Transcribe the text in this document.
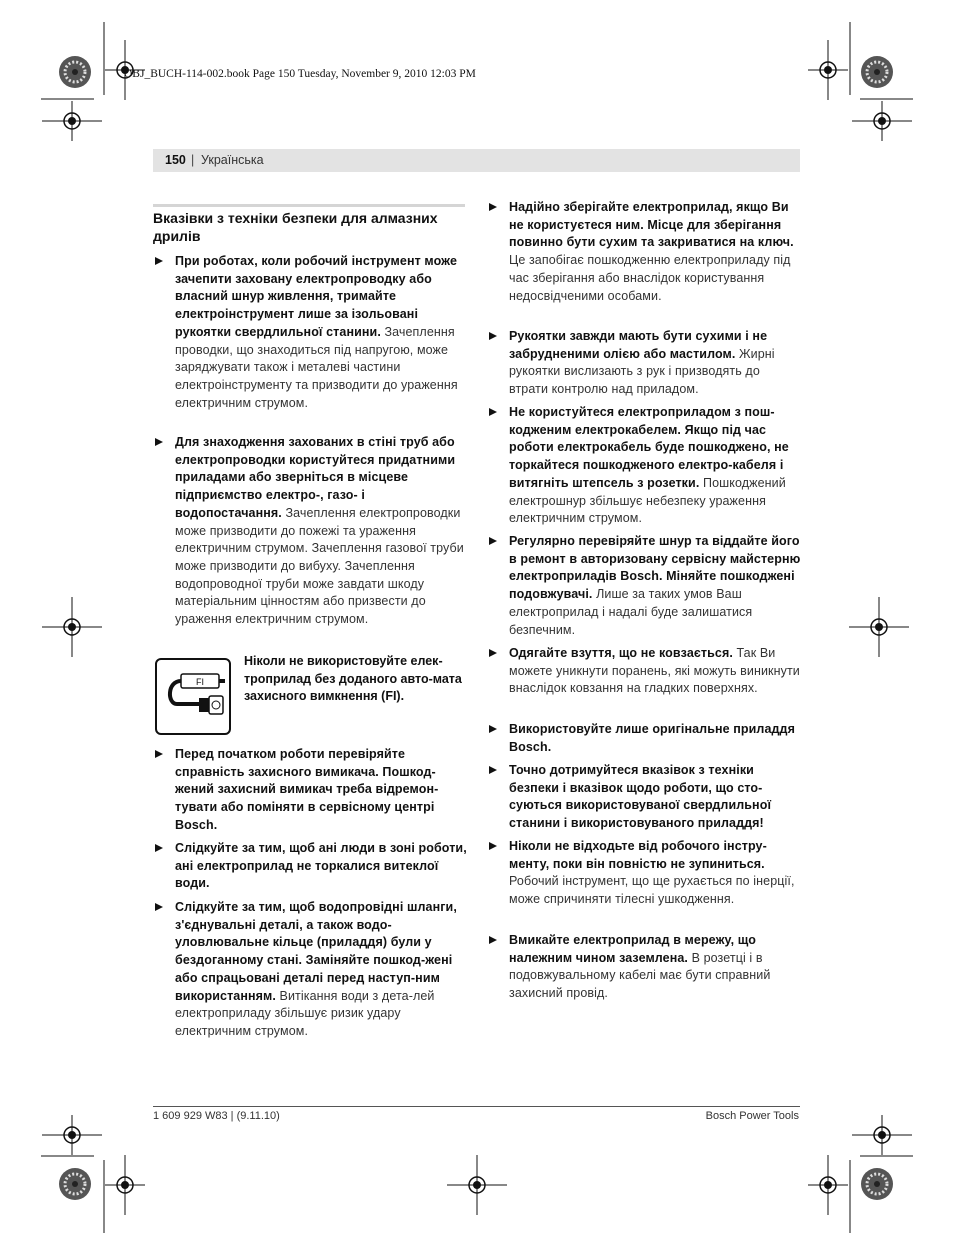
OBJ_BUCH-114-002.book Page 150 Tuesday, November 9, 2010 12:03 PM
150 | Українська
Вказівки з техніки безпеки для алмазних дрилів
При роботах, коли робочий інструмент може зачепити заховану електропроводку або власний шнур живлення, тримайте електроінструмент лише за ізольовані рукоятки свердлильної станини. Зачеплення проводки, що знаходиться під напругою, може заряджувати також і металеві частини електроінструменту та призводити до ураження електричним струмом.
Для знаходження захованих в стіні труб або електропроводки користуйтеся придатними приладами або зверніться в місцеве підприємство електро-, газо- і водопостачання. Зачеплення електропроводки може призводити до пожежі та ураження електричним струмом. Зачеплення газової труби може призводити до вибуху. Зачеплення водопроводної труби може завдати шкоду матеріальним цінностям або призвести до ураження електричним струмом.
FI
Ніколи не використовуйте елек-троприлад без доданого авто-мата захисного вимкнення (FI).
Перед початком роботи перевіряйте справність захисного вимикача. Пошкод-жений захисний вимикач треба відремон-тувати або поміняти в сервісному центрі Bosch.
Слідкуйте за тим, щоб ані люди в зоні роботи, ані електроприлад не торкалися витеклої води.
Слідкуйте за тим, щоб водопровідні шланги, з'єднувальні деталі, а також водо-уловлювальне кільце (приладдя) були у бездоганному стані. Заміняйте пошкод-жені або спрацьовані деталі перед наступ-ним використанням. Витікання води з дета-лей електроприладу збільшує ризик удару електричним струмом.
Надійно зберігайте електроприлад, якщо Ви не користуєтеся ним. Місце для зберігання повинно бути сухим та закриватися на ключ. Це запобігає пошкодженню електроприладу під час зберігання або внаслідок користування недосвідченими особами.
Рукоятки завжди мають бути сухими і не забрудненими олією або мастилом. Жирні рукоятки вислизають з рук і призводять до втрати контролю над приладом.
Не користуйтеся електроприладом з пош-кодженим електрокабелем. Якщо під час роботи електрокабель буде пошкоджено, не торкайтеся пошкодженого електро-кабеля і витягніть штепсель з розетки. Пошкоджений електрошнур збільшує небезпеку ураження електричним струмом.
Регулярно перевіряйте шнур та віддайте його в ремонт в авторизовану сервісну майстерню електроприладів Bosch. Міняйте пошкоджені подовжувачі. Лише за таких умов Ваш електроприлад і надалі буде залишатися безпечним.
Одягайте взуття, що не ковзається. Так Ви можете уникнути поранень, які можуть виникнути внаслідок ковзання на гладких поверхнях.
Використовуйте лише оригінальне приладдя Bosch.
Точно дотримуйтеся вказівок з техніки безпеки і вказівок щодо роботи, що сто-суються використовуваної свердлильної станини і використовуваного приладдя!
Ніколи не відходьте від робочого інстру-менту, поки він повністю не зупиниться. Робочий інструмент, що ще рухається по інерції, може спричиняти тілесні ушкодження.
Вмикайте електроприлад в мережу, що належним чином заземлена. В розетці і в подовжувальному кабелі має бути справний захисний провід.
1 609 929 W83 | (9.11.10)	Bosch Power Tools
